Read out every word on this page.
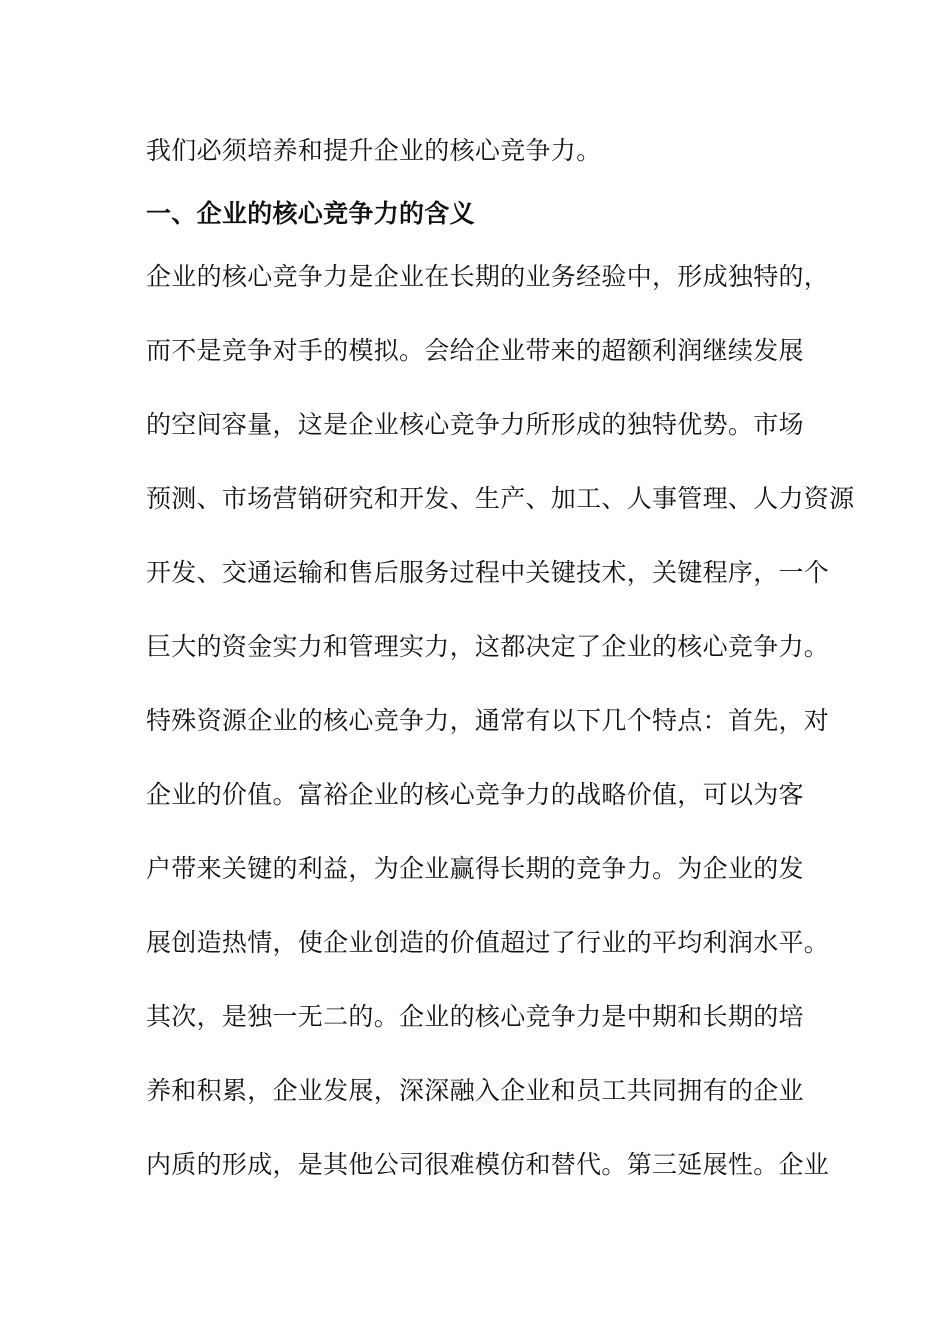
我们必须培养和提升企业的核心竞争力。
一、企业的核心竞争力的含义
企业的核心竞争力是企业在长期的业务经验中，形成独特的，
而不是竞争对手的模拟。会给企业带来的超额利润继续发展
的空间容量，这是企业核心竞争力所形成的独特优势。市场
预测、市场营销研究和开发、生产、加工、人事管理、人力资源
开发、交通运输和售后服务过程中关键技术，关键程序，一个
巨大的资金实力和管理实力，这都决定了企业的核心竞争力。
特殊资源企业的核心竞争力，通常有以下几个特点：首先，对
企业的价值。富裕企业的核心竞争力的战略价值，可以为客
户带来关键的利益，为企业赢得长期的竞争力。为企业的发
展创造热情，使企业创造的价值超过了行业的平均利润水平。
其次，是独一无二的。企业的核心竞争力是中期和长期的培
养和积累，企业发展，深深融入企业和员工共同拥有的企业
内质的形成，是其他公司很难模仿和替代。第三延展性。企业
